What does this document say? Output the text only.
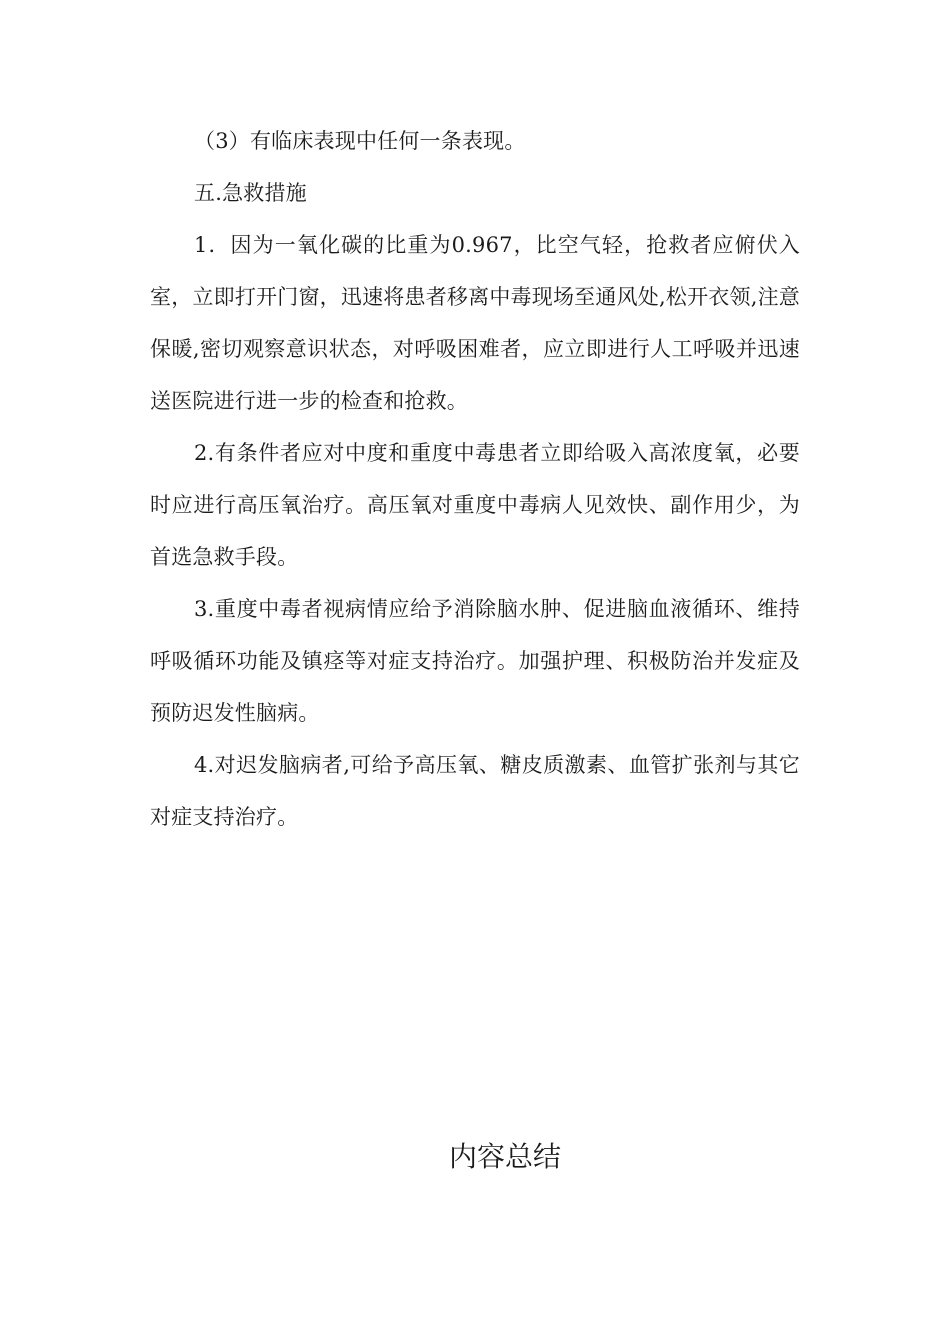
（3）有临床表现中任何一条表现。

五.急救措施

1．因为一氧化碳的比重为0.967，比空气轻，抢救者应俯伏入室，立即打开门窗，迅速将患者移离中毒现场至通风处,松开衣领,注意保暖,密切观察意识状态，对呼吸困难者，应立即进行人工呼吸并迅速送医院进行进一步的检查和抢救。

2.有条件者应对中度和重度中毒患者立即给吸入高浓度氧，必要时应进行高压氧治疗。高压氧对重度中毒病人见效快、副作用少，为首选急救手段。

3.重度中毒者视病情应给予消除脑水肿、促进脑血液循环、维持呼吸循环功能及镇痉等对症支持治疗。加强护理、积极防治并发症及预防迟发性脑病。

4.对迟发脑病者,可给予高压氧、糖皮质激素、血管扩张剂与其它对症支持治疗。

内容总结
